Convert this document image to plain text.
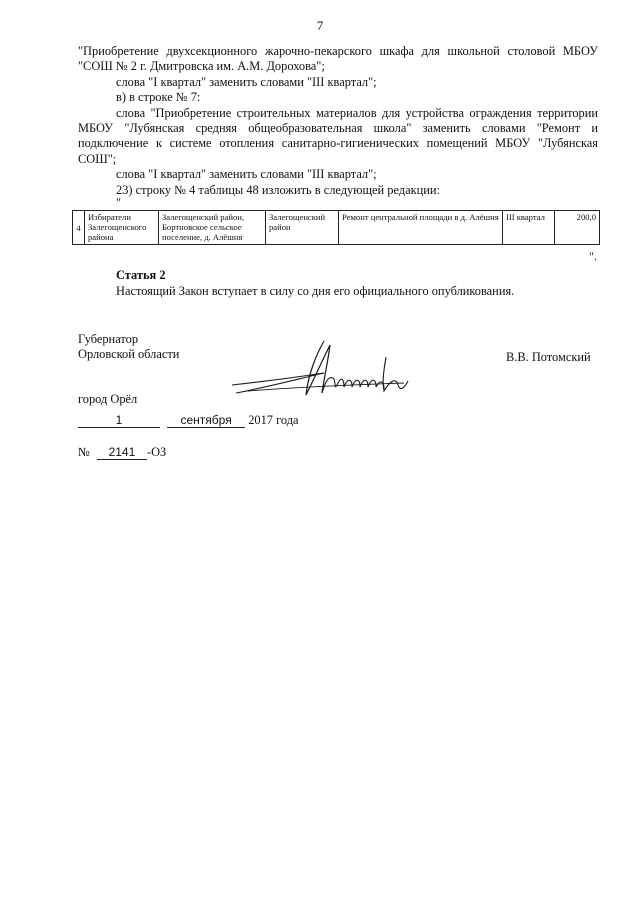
7

"Приобретение двухсекционного жарочно-пекарского шкафа для школьной столовой МБОУ "СОШ № 2 г. Дмитровска им. А.М. Дорохова";

слова "I квартал" заменить словами "III квартал";

в) в строке № 7:

слова "Приобретение строительных материалов для устройства ограждения территории МБОУ "Лубянская средняя общеобразовательная школа" заменить словами "Ремонт и подключение к системе отопления санитарно-гигиенических помещений МБОУ "Лубянская СОШ";

слова "I квартал" заменить словами "III квартал";

23) строку № 4 таблицы 48 изложить в следующей редакции:

"

4	Избиратели Залегощенского района	Залегощенский район, Бортновское сельское поселение, д. Алёшня	Залегощенский район	Ремонт центральной площади в д. Алёшня	III квартал	200,0
".
Статья 2
Настоящий Закон вступает в силу со дня его официального опубликования.
Губернатор
Орловской области	В.В. Потомский
город Орёл
1	сентября 2017 года
№ 2141 -ОЗ
